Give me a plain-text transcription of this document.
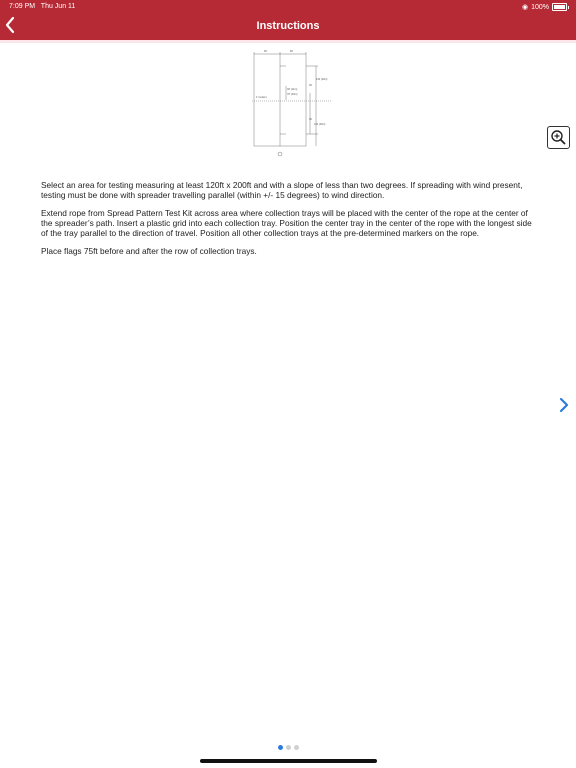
7:09 PM Thu Jun 11	◉ 100%
Instructions
60'	60'
130 (40m)
30'
36' (11m)
76' (23m)
1' Gutters
30'
130 (40m)

Select an area for testing measuring at least 120ft x 200ft and with a slope of less than two degrees. If spreading with wind present, testing must be done with spreader travelling parallel (within +/- 15 degrees) to wind direction.

Extend rope from Spread Pattern Test Kit across area where collection trays will be placed with the center of the rope at the center of the spreader’s path. Insert a plastic grid into each collection tray. Position the center tray in the center of the rope with the longest side of the tray parallel to the direction of travel. Position all other collection trays at the pre-determined markers on the rope.

Place flags 75ft before and after the row of collection trays.
